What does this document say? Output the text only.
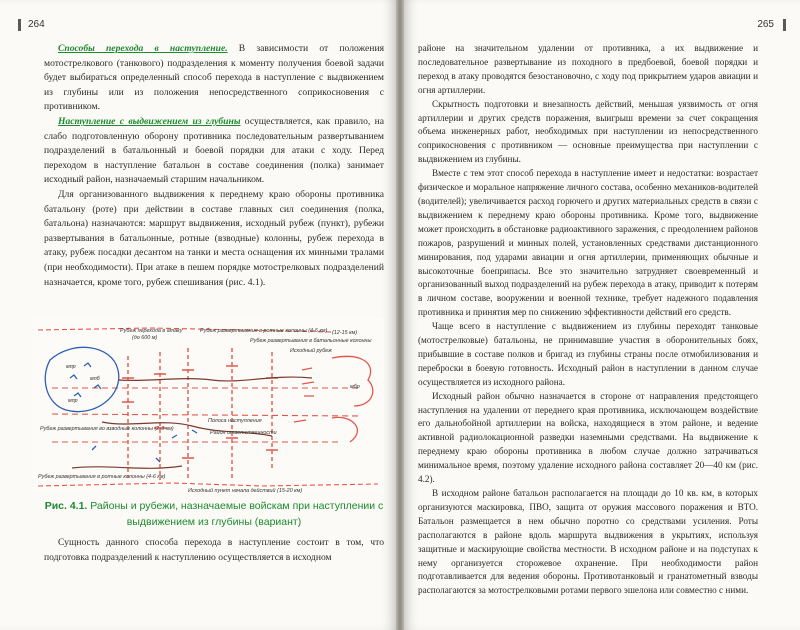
264

Способы перехода в наступление. В зависимости от положения мотострелкового (танкового) подразделения к моменту получения боевой задачи будет выбираться определенный способ перехода в наступление с выдвижением из глубины или из положения непосредственного соприкосновения с противником.

Наступление с выдвижением из глубины осуществляется, как правило, на слабо подготовленную оборону противника последовательным развертыванием подразделений в батальонный и боевой порядки для атаки с ходу. Перед переходом в наступление батальон в составе соединения (полка) занимает исходный район, назначаемый старшим начальником.

Для организованного выдвижения к переднему краю обороны противника батальону (роте) при действии в составе главных сил соединения (полка, батальона) назначаются: маршрут выдвижения, исходный рубеж (пункт), рубежи развертывания в батальонные, ротные (взводные) колонны, рубеж перехода в атаку, рубеж посадки десантом на танки и места оснащения их минными тралами (при необходимости). При атаке в пешем порядке мотострелковых подразделений назначается, кроме того, рубеж спешивания (рис. 4.1).

Рубеж перехода в атаку
(до 600 м)
Рубеж развертывания в ротные колонны (4-6 км)
Рубеж развертывания в батальонные колонны
(12-15 км)
Исходный рубеж
Рубеж развертывания во взводные колонны (2-3 км)
Полоса наступления
Район ответственности
Рубеж развертывания в ротные колонны (4-6 км)
Исходный пункт начала действий (15-20 км)
мпр
мпб
мпр
мбр
Рис. 4.1. Районы и рубежи, назначаемые войскам при наступлении с выдвижением из глубины (вариант)

Сущность данного способа перехода в наступление состоит в том, что подготовка подразделений к наступлению осуществляется в исходном

265

районе на значительном удалении от противника, а их выдвижение и последовательное развертывание из походного в предбоевой, боевой порядки и переход в атаку проводятся безостановочно, с ходу под прикрытием ударов авиации и огня артиллерии.

Скрытность подготовки и внезапность действий, меньшая уязвимость от огня артиллерии и других средств поражения, выигрыш времени за счет сокращения объема инженерных работ, необходимых при наступлении из непосредственного соприкосновения с противником — основные преимущества при наступлении с выдвижением из глубины.

Вместе с тем этот способ перехода в наступление имеет и недостатки: возрастает физическое и моральное напряжение личного состава, особенно механиков-водителей (водителей); увеличивается расход горючего и других материальных средств в связи с выдвижением к переднему краю обороны противника. Кроме того, выдвижение может происходить в обстановке радиоактивного заражения, с преодолением районов пожаров, разрушений и минных полей, установленных средствами дистанционного минирования, под ударами авиации и огня артиллерии, применяющих обычные и высокоточные боеприпасы. Все это значительно затрудняет своевременный и организованный выход подразделений на рубеж перехода в атаку, приводит к потерям в личном составе, вооружении и военной технике, требует надежного подавления противника и принятия мер по снижению эффективности действий его средств.

Чаще всего в наступление с выдвижением из глубины переходят танковые (мотострелковые) батальоны, не принимавшие участия в оборонительных боях, прибывшие в составе полков и бригад из глубины страны после отмобилизования и переброски в боевую готовность. Исходный район в наступлении в данном случае осуществляется из исходного района.

Исходный район обычно назначается в стороне от направления предстоящего наступления на удалении от переднего края противника, исключающем воздействие его дальнобойной артиллерии на войска, находящиеся в этом районе, и ведение активной радиолокационной разведки наземными средствами. На выдвижение к переднему краю обороны противника в любом случае должно затрачиваться минимальное время, поэтому удаление исходного района составляет 20—40 км (рис. 4.2).

В исходном районе батальон располагается на площади до 10 кв. км, в которых организуются маскировка, ПВО, защита от оружия массового поражения и ВТО. Батальон размещается в нем обычно поротно со средствами усиления. Роты располагаются в районе вдоль маршрута выдвижения в укрытиях, используя защитные и маскирующие свойства местности. В исходном районе и на подступах к нему организуется сторожевое охранение. При необходимости район подготавливается для ведения обороны. Противотанковый и гранатометный взводы располагаются за мотострелковыми ротами первого эшелона или совместно с ними.
